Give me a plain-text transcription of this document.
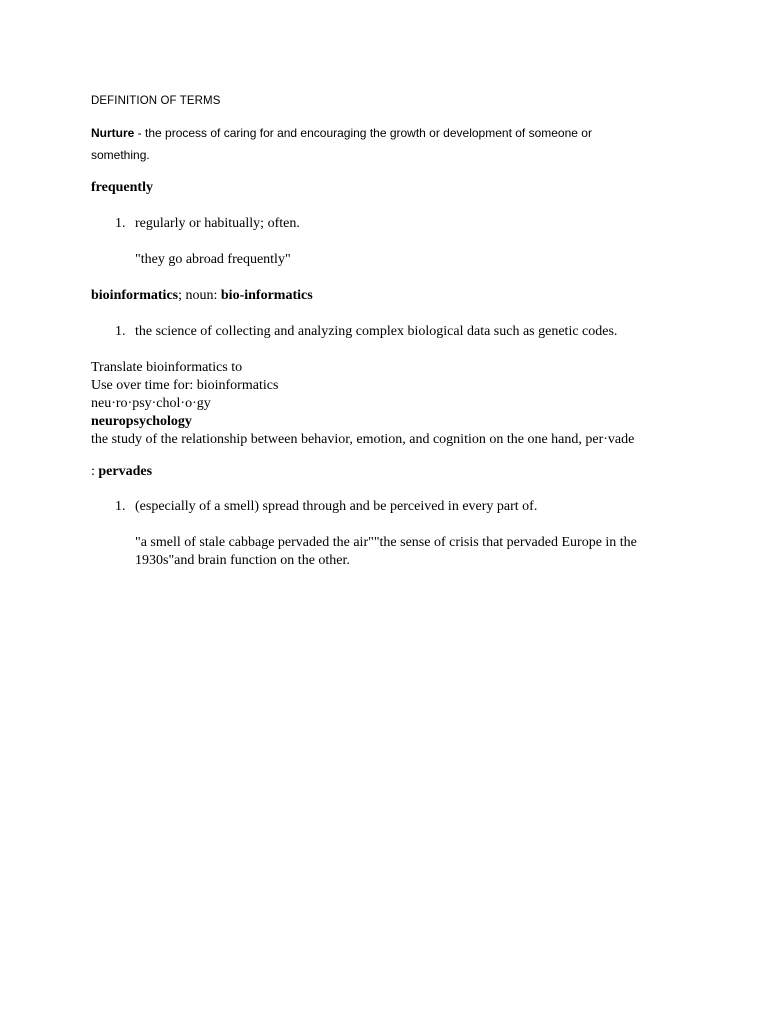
DEFINITION OF TERMS
Nurture - the process of caring for and encouraging the growth or development of someone or
something.
frequently
1. regularly or habitually; often.
"they go abroad frequently"
bioinformatics; noun: bio-informatics
1. the science of collecting and analyzing complex biological data such as genetic codes.
Translate bioinformatics to
Use over time for: bioinformatics
neu·ro·psy·chol·o·gy
neuropsychology
the study of the relationship between behavior, emotion, and cognition on the one hand, per·vade
: pervades
1. (especially of a smell) spread through and be perceived in every part of.
"a smell of stale cabbage pervaded the air""the sense of crisis that pervaded Europe in the
1930s"and brain function on the other.
